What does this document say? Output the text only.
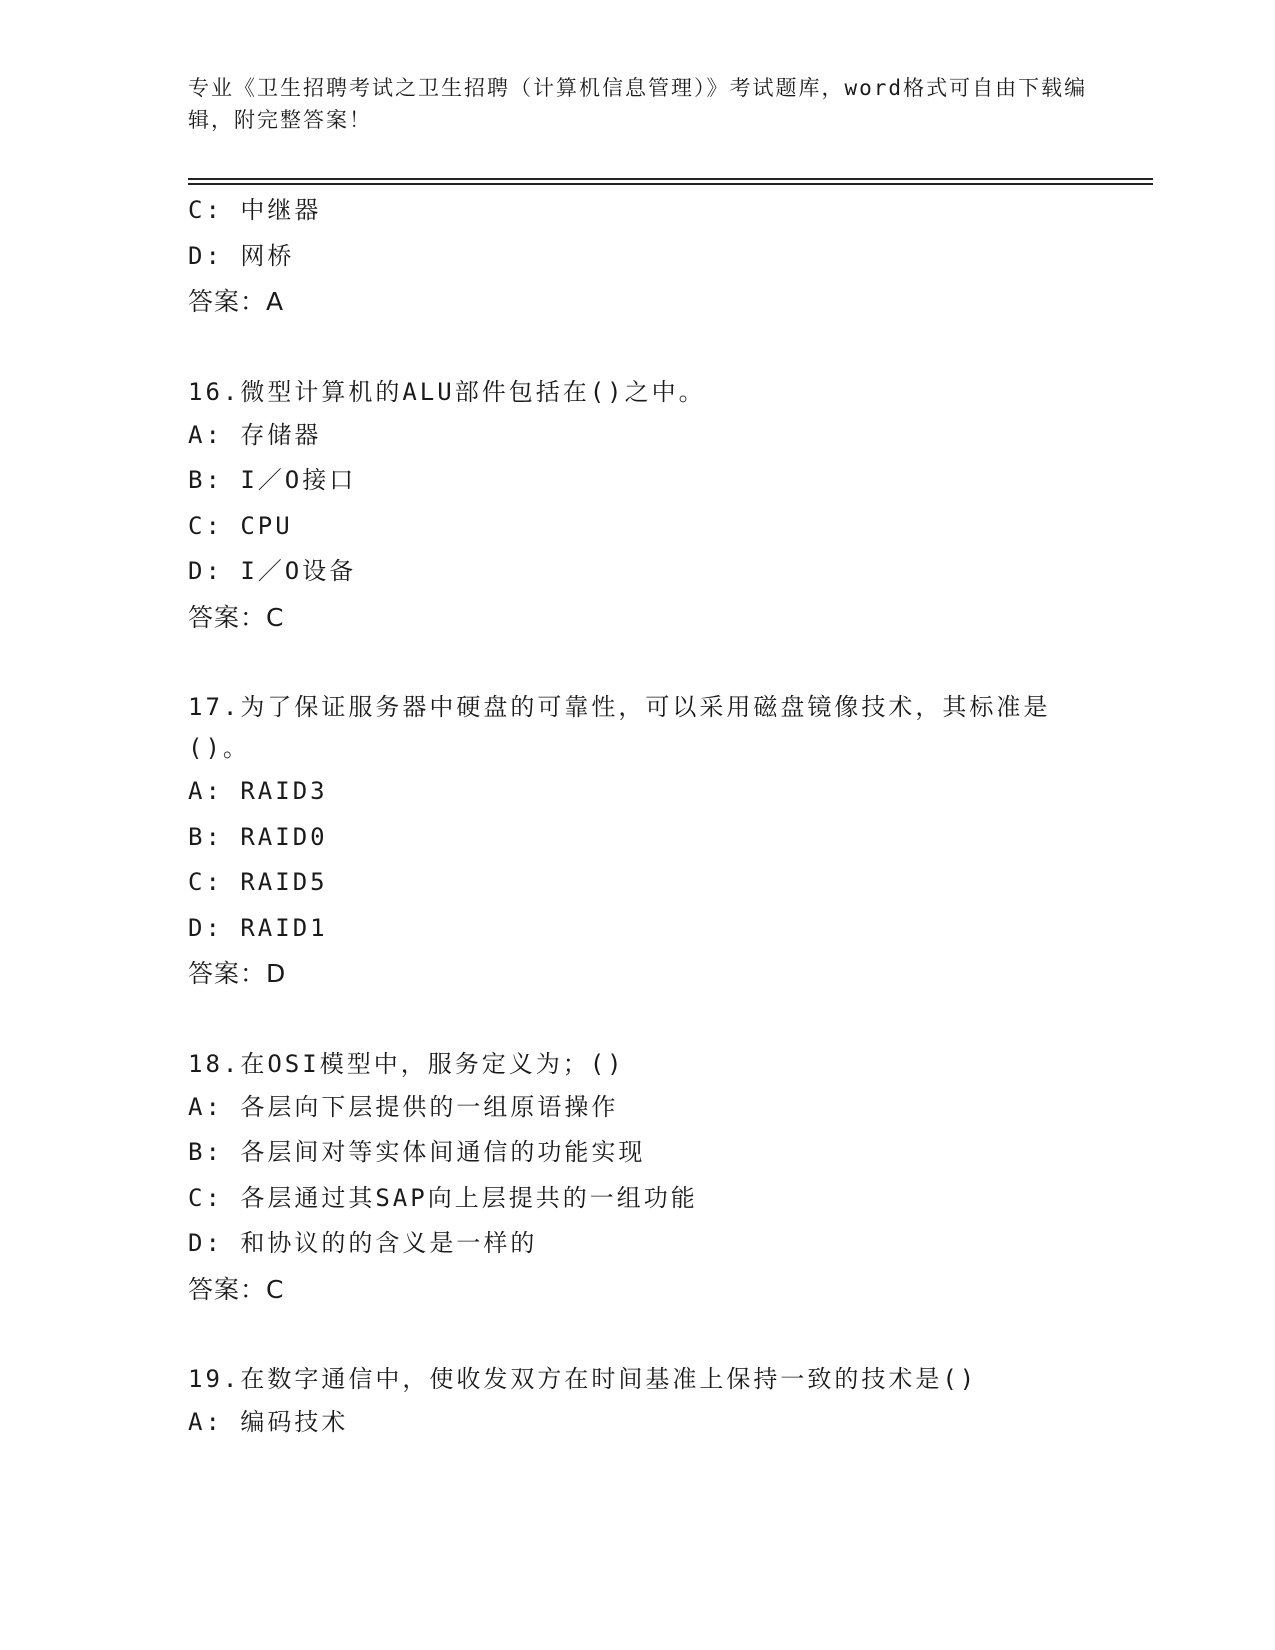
专业《卫生招聘考试之卫生招聘（计算机信息管理）》考试题库，word格式可自由下载编辑，附完整答案！
C: 中继器
D: 网桥
答案：A
16.微型计算机的ALU部件包括在()之中。
A: 存储器
B: I／O接口
C: CPU
D: I／O设备
答案：C
17.为了保证服务器中硬盘的可靠性，可以采用磁盘镜像技术，其标准是()。
A: RAID3
B: RAID0
C: RAID5
D: RAID1
答案：D
18.在OSI模型中，服务定义为；()
A: 各层向下层提供的一组原语操作
B: 各层间对等实体间通信的功能实现
C: 各层通过其SAP向上层提共的一组功能
D: 和协议的的含义是一样的
答案：C
19.在数字通信中，使收发双方在时间基准上保持一致的技术是()
A: 编码技术
